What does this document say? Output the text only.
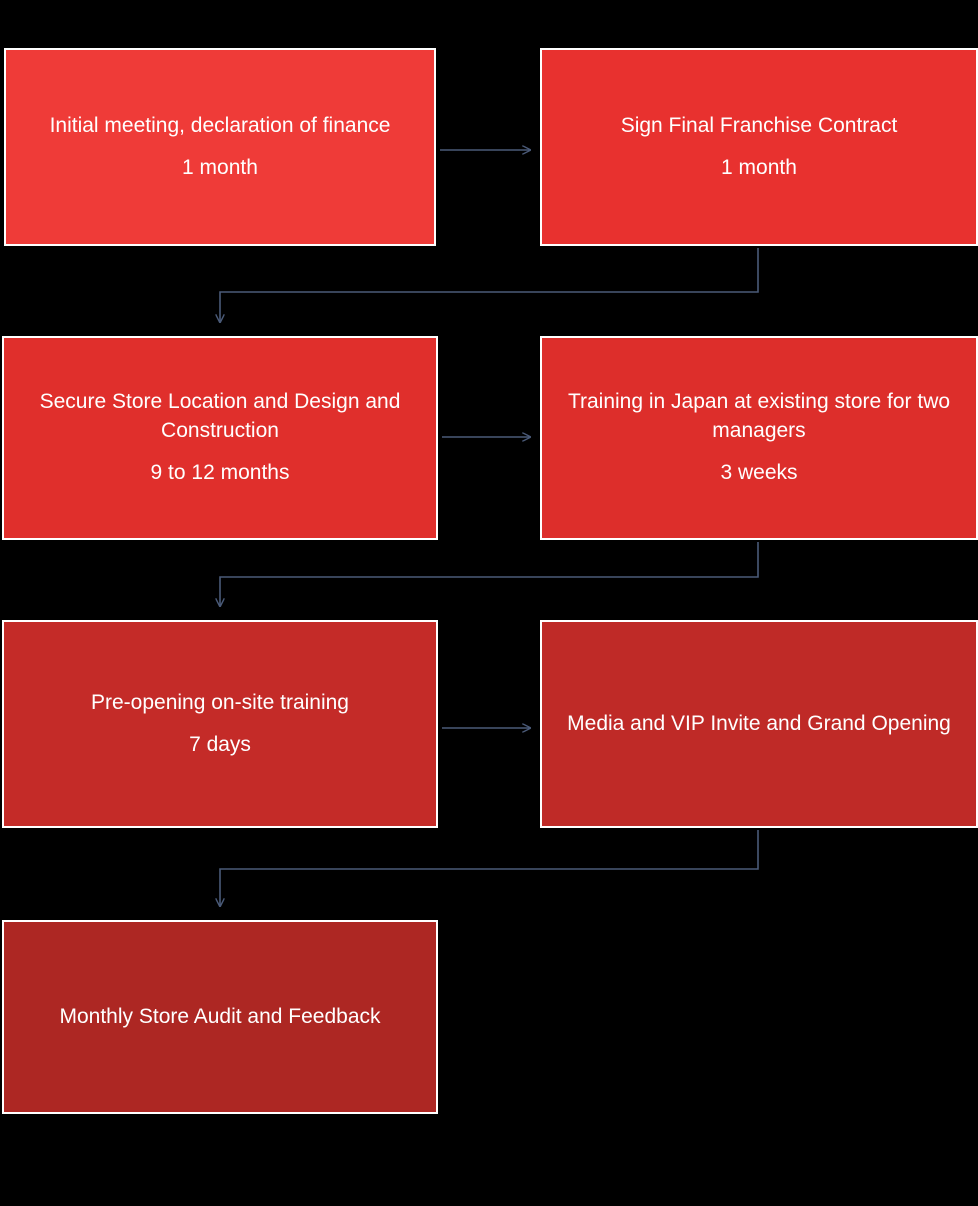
Initial meeting, declaration of finance
1 month
Sign Final Franchise Contract
1 month
Secure Store Location and Design and Construction
9 to 12 months
Training in Japan at existing store for two managers
3 weeks
Pre-opening on-site training
7 days
Media and VIP Invite and Grand Opening
Monthly Store Audit and Feedback
